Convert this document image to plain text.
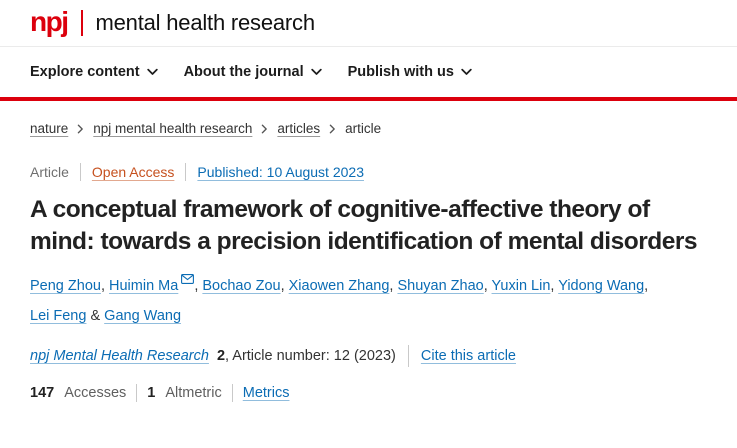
npj mental health research
Explore content	About the journal	Publish with us
nature npj mental health research articles article
Article Open Access Published: 10 August 2023
A conceptual framework of cognitive-affective theory of mind: towards a precision identification of mental disorders

Peng Zhou, Huimin Ma , Bochao Zou, Xiaowen Zhang, Shuyan Zhao, Yuxin Lin, Yidong Wang, Lei Feng & Gang Wang

npj Mental Health Research 2 , Article number: 12 (2023) Cite this article

147 Accesses 1 Altmetric Metrics
